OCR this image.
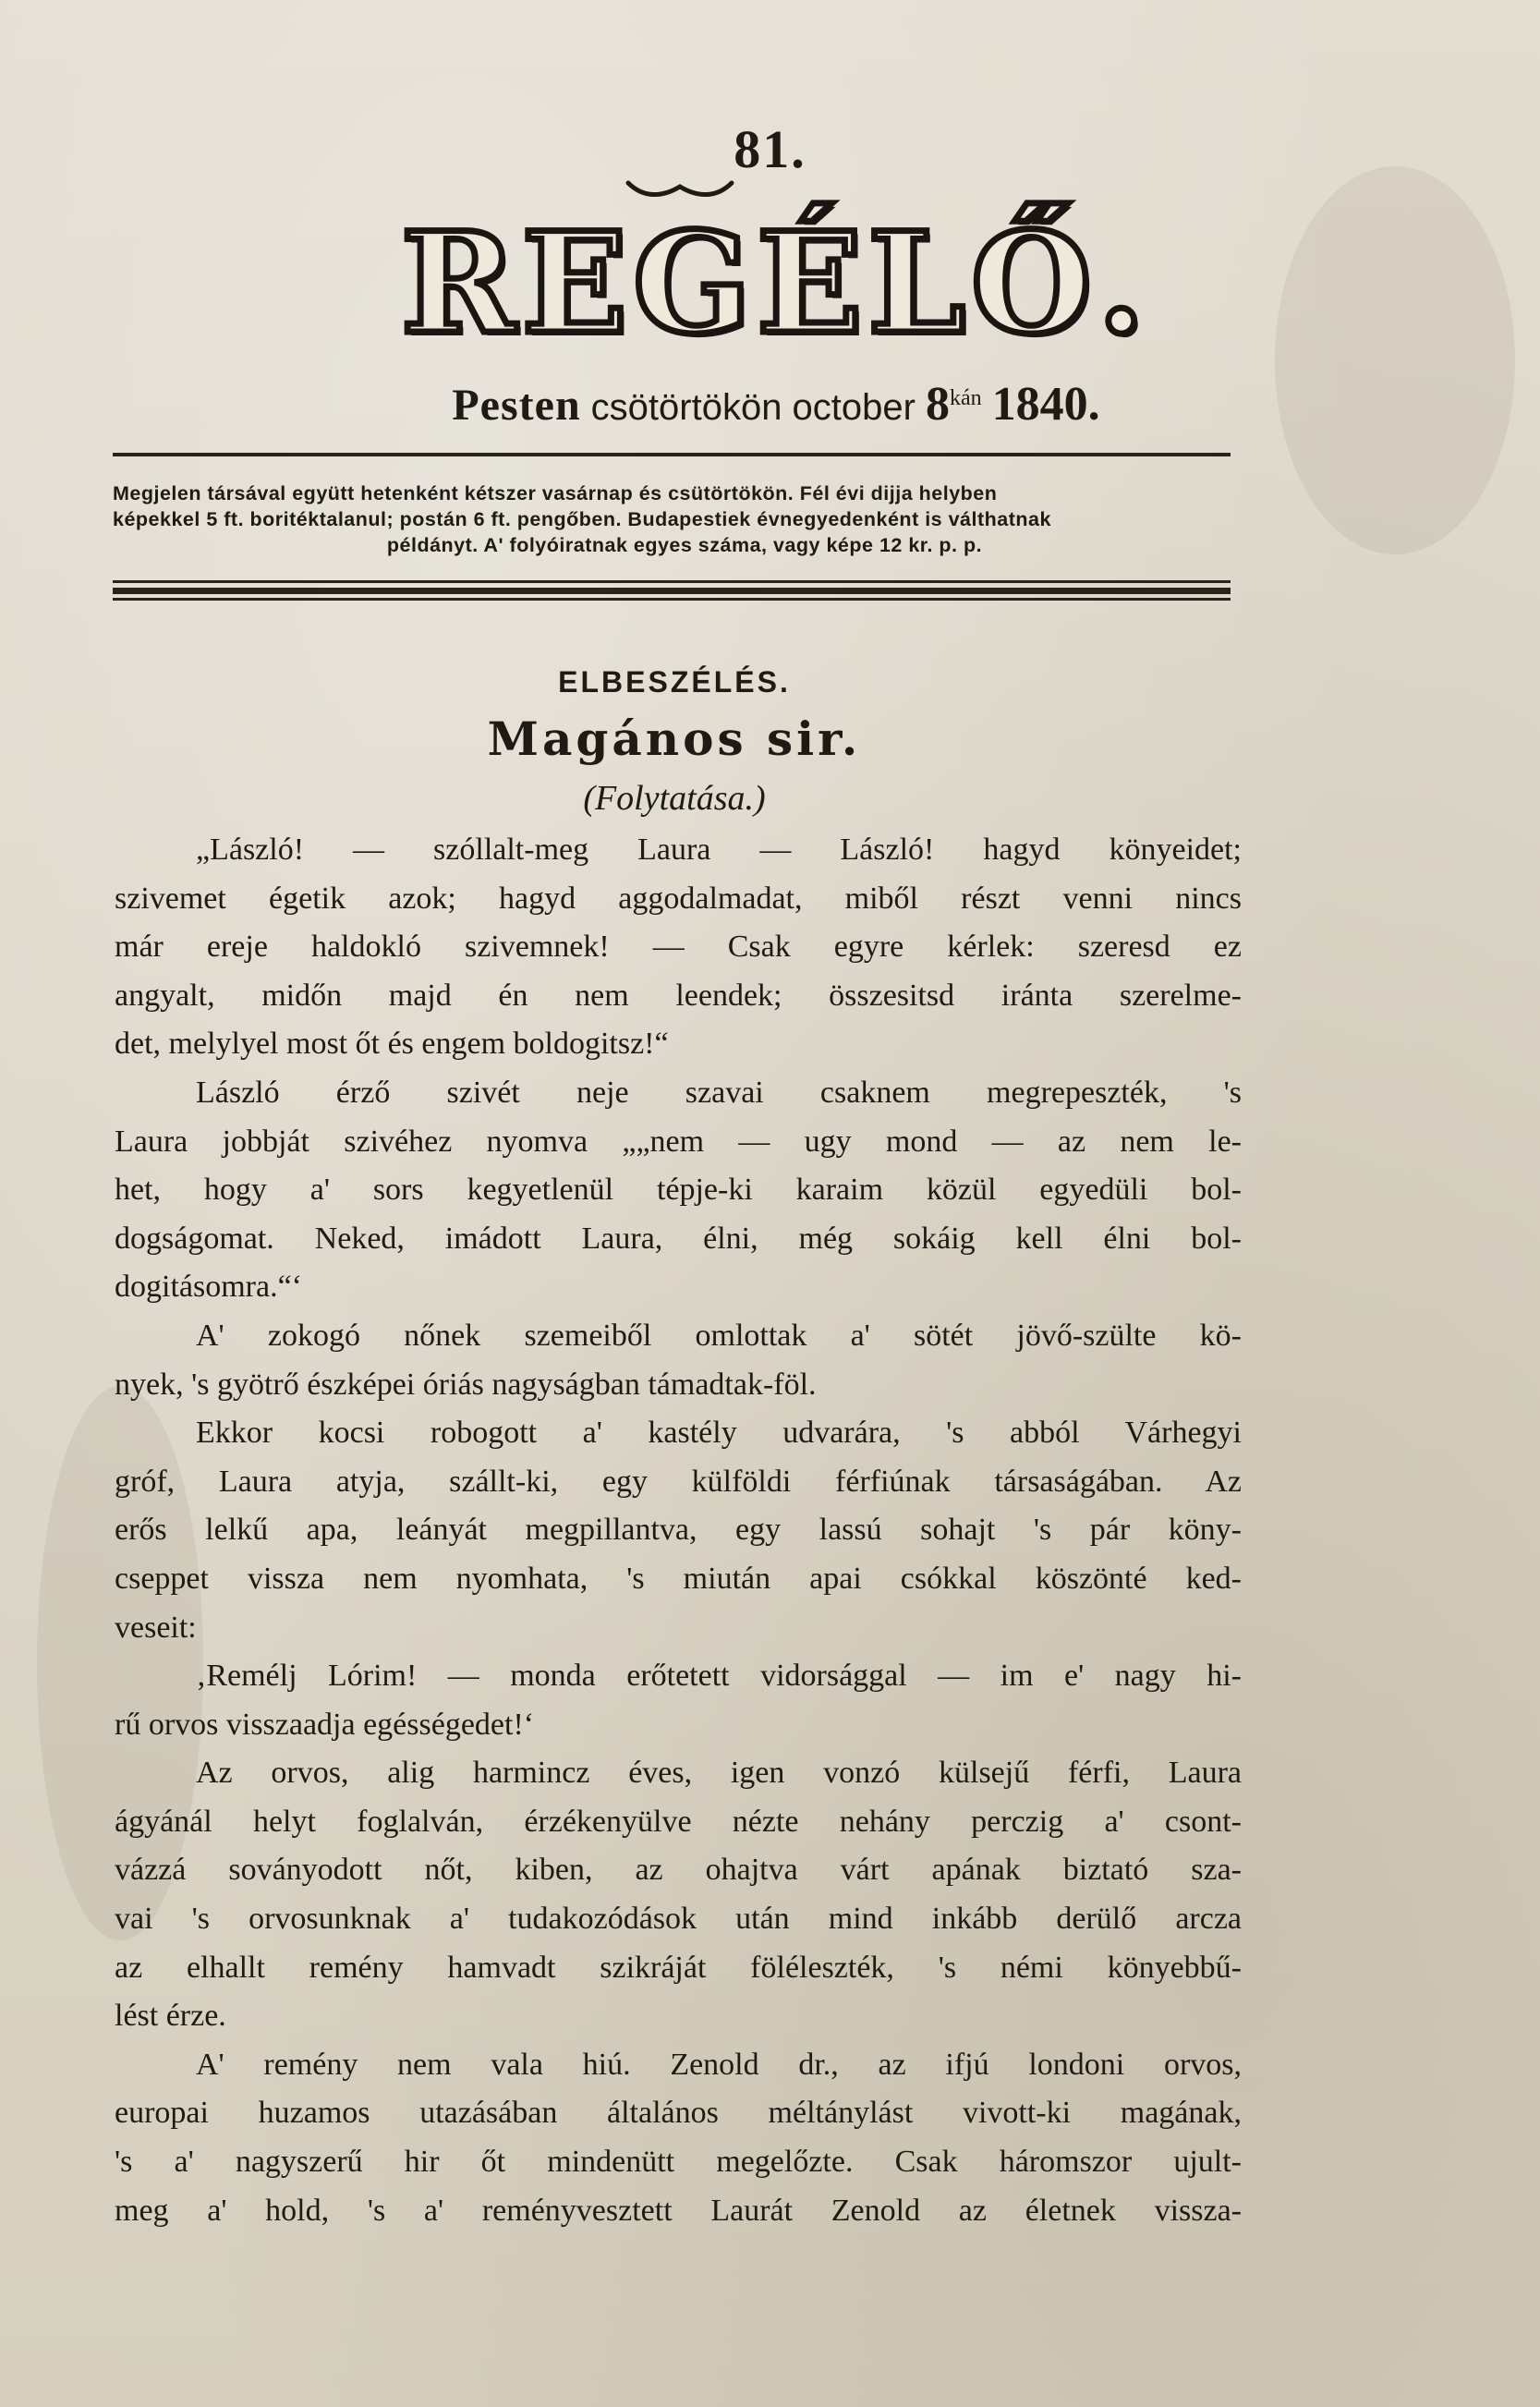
81.
REGÉLŐ.
Pesten csötörtökön october $8^{kán}$ 1840.
Megjelen társával együtt hetenként kétszer vasárnap és csütörtökön. Fél évi dijja helyben
képekkel 5 ft. boritéktalanul; postán 6 ft. pengőben. Budapestiek évnegyedenként is válthatnak
példányt. A' folyóiratnak egyes száma, vagy képe 12 kr. p. p.
ELBESZÉLÉS.
Magános sir.
(Folytatása.)
„László! — szóllalt-meg Laura — László! hagyd könyeidet;
szivemet égetik azok; hagyd aggodalmadat, miből részt venni nincs
már ereje haldokló szivemnek! — Csak egyre kérlek: szeresd ez
angyalt, midőn majd én nem leendek; összesitsd iránta szerelme-
det, melylyel most őt és engem boldogitsz!“
László érző szivét neje szavai csaknem megrepeszték, 's
Laura jobbját szivéhez nyomva „„nem — ugy mond — az nem le-
het, hogy a' sors kegyetlenül tépje-ki karaim közül egyedüli bol-
dogságomat. Neked, imádott Laura, élni, még sokáig kell élni bol-
dogitásomra.“‘
A' zokogó nőnek szemeiből omlottak a' sötét jövő-szülte kö-
nyek, 's gyötrő észképei óriás nagyságban támadtak-föl.
Ekkor kocsi robogott a' kastély udvarára, 's abból Várhegyi
gróf, Laura atyja, szállt-ki, egy külföldi férfiúnak társaságában. Az
erős lelkű apa, leányát megpillantva, egy lassú sohajt 's pár köny-
cseppet vissza nem nyomhata, 's miután apai csókkal köszönté ked-
veseit:
‚Remélj Lórim! — monda erőtetett vidorsággal — im e' nagy hi-
rű orvos visszaadja egésségedet!‘
Az orvos, alig harmincz éves, igen vonzó külsejű férfi, Laura
ágyánál helyt foglalván, érzékenyülve nézte nehány perczig a' csont-
vázzá soványodott nőt, kiben, az ohajtva várt apának biztató sza-
vai 's orvosunknak a' tudakozódások után mind inkább derülő arcza
az elhallt remény hamvadt szikráját föléleszték, 's némi könyebbű-
lést érze.
A' remény nem vala hiú. Zenold dr., az ifjú londoni orvos,
europai huzamos utazásában általános méltánylást vivott-ki magának,
's a' nagyszerű hir őt mindenütt megelőzte. Csak háromszor ujult-
meg a' hold, 's a' reményvesztett Laurát Zenold az életnek vissza-
